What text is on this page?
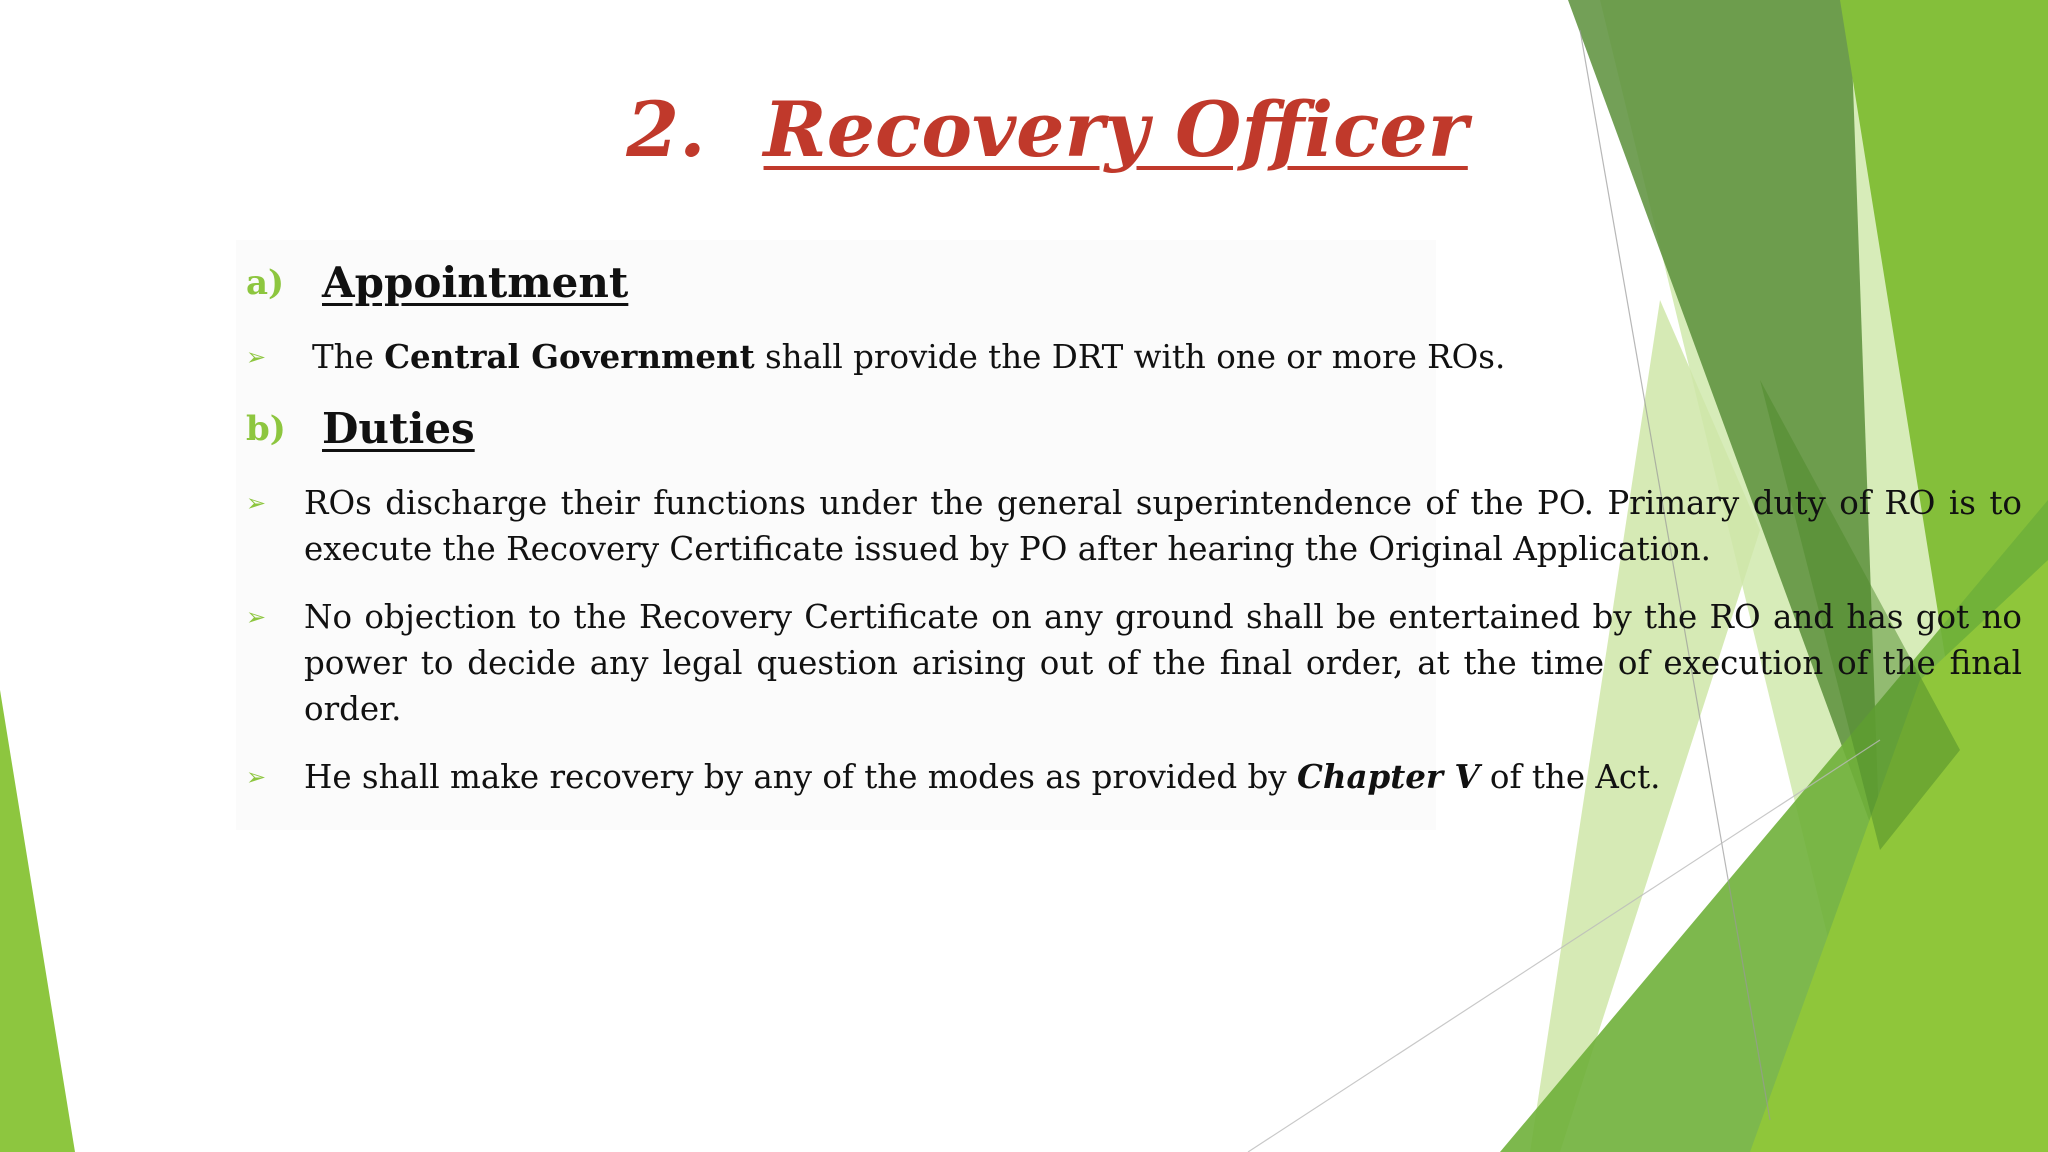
2. Recovery Officer
a) Appointment
➢ The Central Government shall provide the DRT with one or more ROs.
b) Duties
➢ ROs discharge their functions under the general superintendence of the PO. Primary duty of RO is to execute the Recovery Certificate issued by PO after hearing the Original Application.
➢ No objection to the Recovery Certificate on any ground shall be entertained by the RO and has got no power to decide any legal question arising out of the final order, at the time of execution of the final order.
➢ He shall make recovery by any of the modes as provided by Chapter V of the Act.
